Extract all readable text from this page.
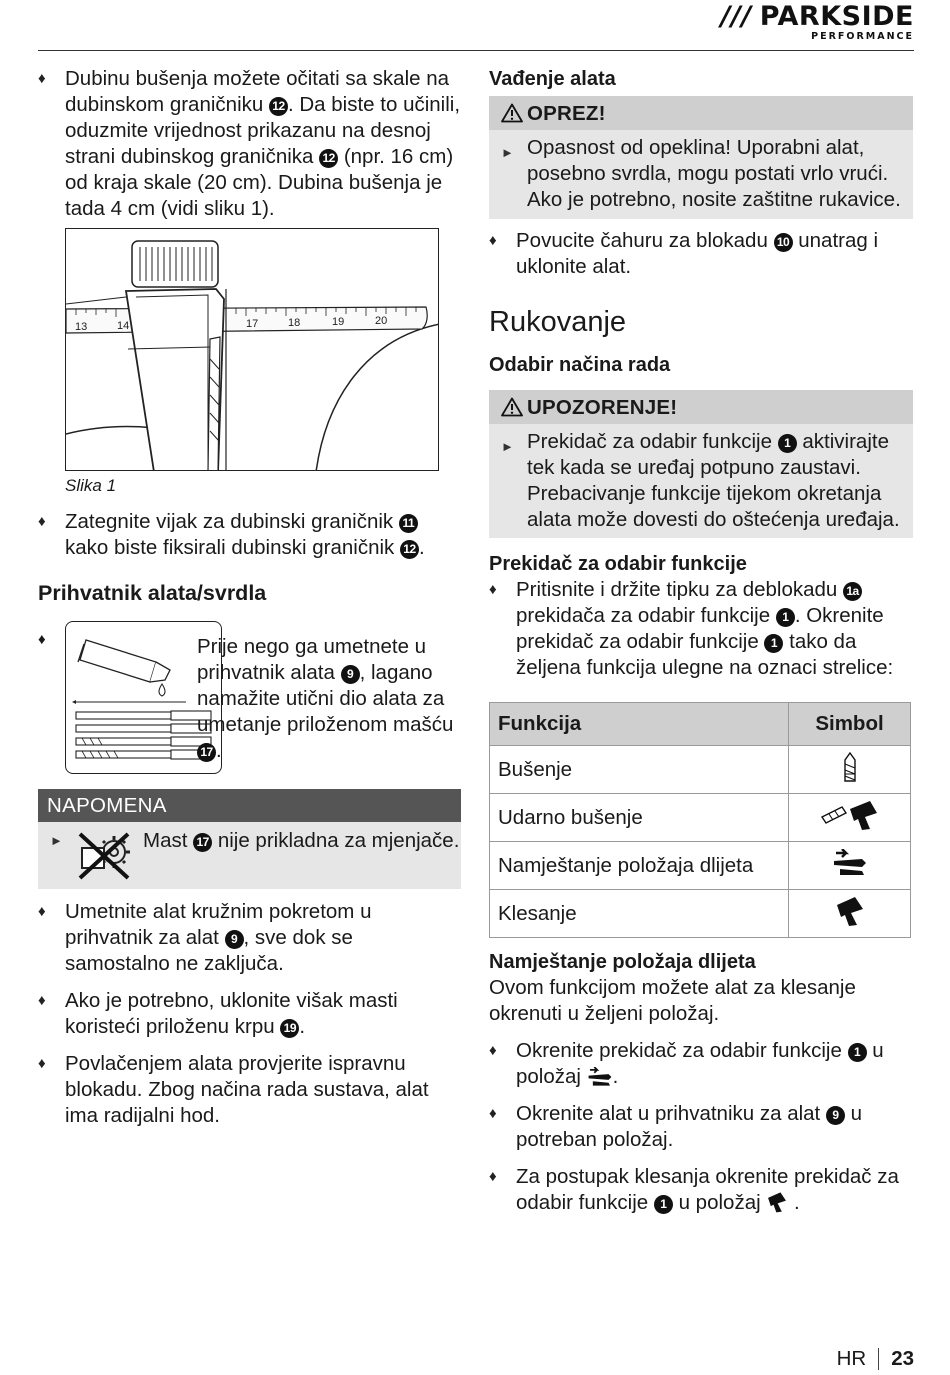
/// PARKSIDE
PERFORMANCE
♦ Dubinu bušenja možete očitati sa skale na dubinskom graničniku 12 . Da biste to učinili, oduzmite vrijednost prikazanu na desnoj strani dubinskog graničnika 12 (npr. 16 cm) od kraja skale (20 cm). Dubina bušenja je tada 4 cm (vidi sliku 1).
13	14	17	18	19	20
Slika 1
♦ Zategnite vijak za dubinski graničnik 11 kako biste fiksirali dubinski graničnik 12 .
Prihvatnik alata/svrdla
♦	Prije nego ga umetnete u prihvatnik alata 9 , lagano namažite utični dio alata za umetanje priloženom mašću 17 .
NAPOMENA
►	Mast 17 nije prikladna za mjenjače.
♦ Umetnite alat kružnim pokretom u prihvatnik za alat 9 , sve dok se samostalno ne zaključa.
♦ Ako je potrebno, uklonite višak masti koristeći priloženu krpu 19 .
♦ Povlačenjem alata provjerite ispravnu blokadu. Zbog načina rada sustava, alat ima radijalni hod.
Vađenje alata
OPREZ!
► Opasnost od opeklina! Uporabni alat, posebno svrdla, mogu postati vrlo vrući. Ako je potrebno, nosite zaštitne rukavice.
♦ Povucite čahuru za blokadu 10 unatrag i uklonite alat.
Rukovanje
Odabir načina rada
UPOZORENJE!
► Prekidač za odabir funkcije 1 aktivirajte tek kada se uređaj potpuno zaustavi. Prebacivanje funkcije tijekom okretanja alata može dovesti do oštećenja uređaja.
Prekidač za odabir funkcije
♦ Pritisnite i držite tipku za deblokadu 1a prekidača za odabir funkcije 1 . Okrenite prekidač za odabir funkcije 1 tako da željena funkcija ulegne na oznaci strelice:
Funkcija	Simbol
Bušenje	
Udarno bušenje	
Namještanje položaja dlijeta	
Klesanje	
Namještanje položaja dlijeta
Ovom funkcijom možete alat za klesanje okrenuti u željeni položaj.
♦ Okrenite prekidač za odabir funkcije 1 u položaj .
♦ Okrenite alat u prihvatniku za alat 9 u potreban položaj.
♦ Za postupak klesanja okrenite prekidač za odabir funkcije 1 u položaj  .
HR 23
